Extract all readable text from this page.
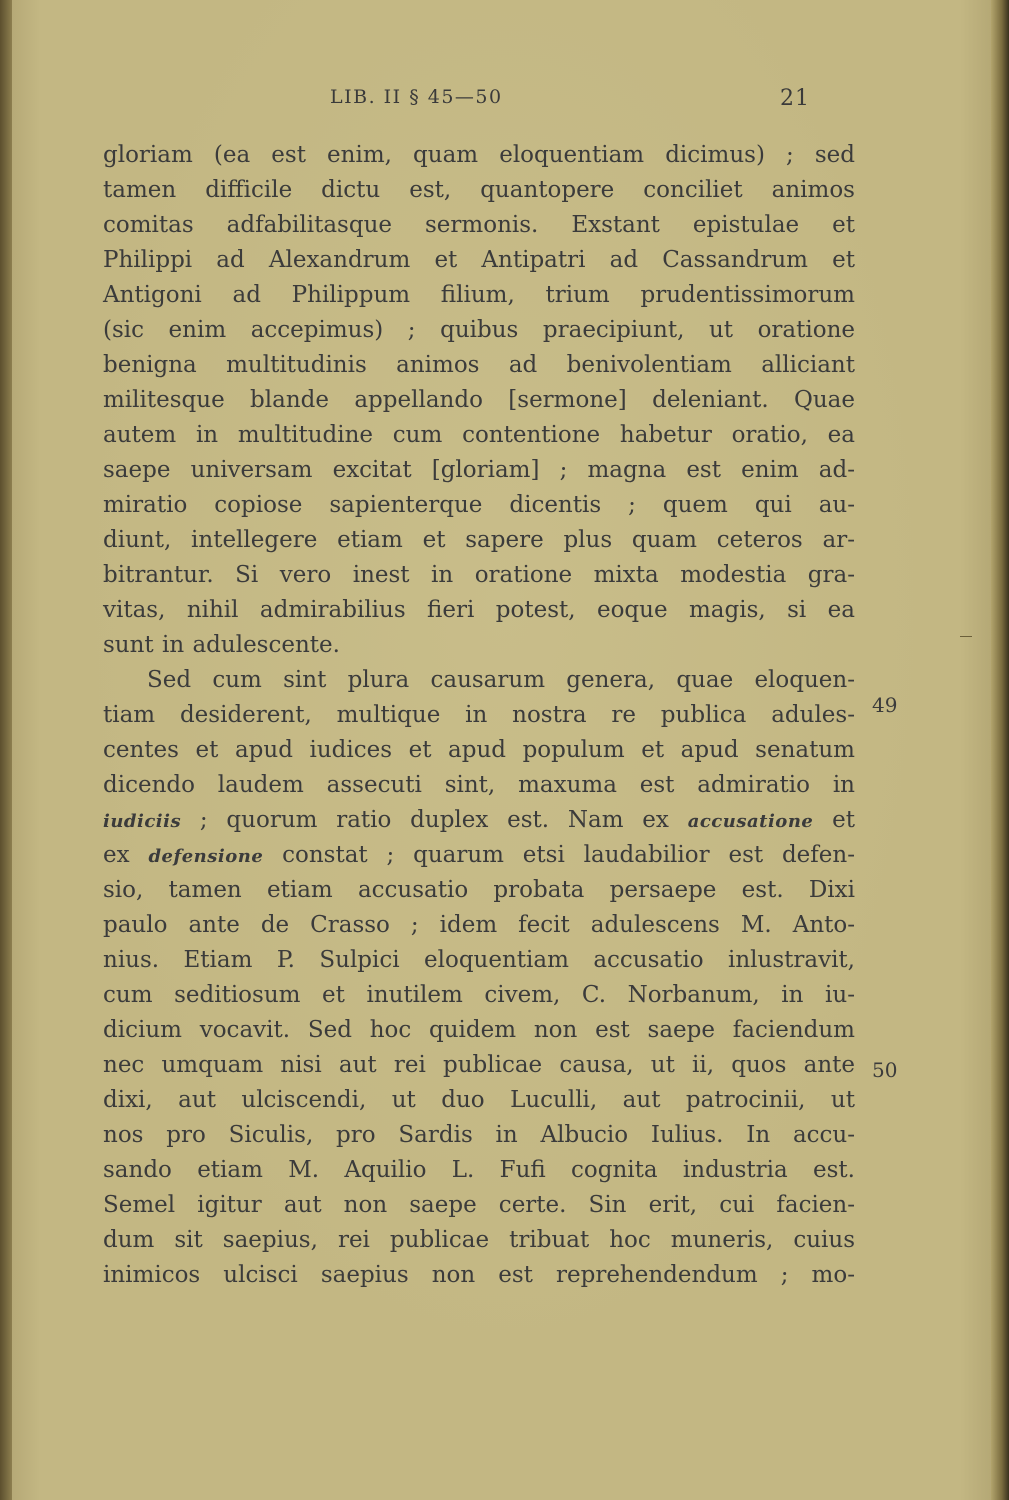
LIB. II § 45—50	21
gloriam (ea est enim, quam eloquentiam dicimus) ; sed
tamen difficile dictu est, quantopere conciliet animos
comitas adfabilitasque sermonis. Exstant epistulae et
Philippi ad Alexandrum et Antipatri ad Cassandrum et
Antigoni ad Philippum filium, trium prudentissimorum
(sic enim accepimus) ; quibus praecipiunt, ut oratione
benigna multitudinis animos ad benivolentiam alliciant
militesque blande appellando [sermone] deleniant. Quae
autem in multitudine cum contentione habetur oratio, ea
saepe universam excitat [gloriam] ; magna est enim ad-
miratio copiose sapienterque dicentis ; quem qui au-
diunt, intellegere etiam et sapere plus quam ceteros ar-
bitrantur. Si vero inest in oratione mixta modestia gra-
vitas, nihil admirabilius fieri potest, eoque magis, si ea
sunt in adulescente.
Sed cum sint plura causarum genera, quae eloquen-
tiam desiderent, multique in nostra re publica adules-
centes et apud iudices et apud populum et apud senatum
dicendo laudem assecuti sint, maxuma est admiratio in
iudiciis ; quorum ratio duplex est. Nam ex accusatione et
ex defensione constat ; quarum etsi laudabilior est defen-
sio, tamen etiam accusatio probata persaepe est. Dixi
paulo ante de Crasso ; idem fecit adulescens M. Anto-
nius. Etiam P. Sulpici eloquentiam accusatio inlustravit,
cum seditiosum et inutilem civem, C. Norbanum, in iu-
dicium vocavit. Sed hoc quidem non est saepe faciendum
nec umquam nisi aut rei publicae causa, ut ii, quos ante
dixi, aut ulciscendi, ut duo Luculli, aut patrocinii, ut
nos pro Siculis, pro Sardis in Albucio Iulius. In accu-
sando etiam M. Aquilio L. Fufi cognita industria est.
Semel igitur aut non saepe certe. Sin erit, cui facien-
dum sit saepius, rei publicae tribuat hoc muneris, cuius
inimicos ulcisci saepius non est reprehendendum ; mo-
49
50
